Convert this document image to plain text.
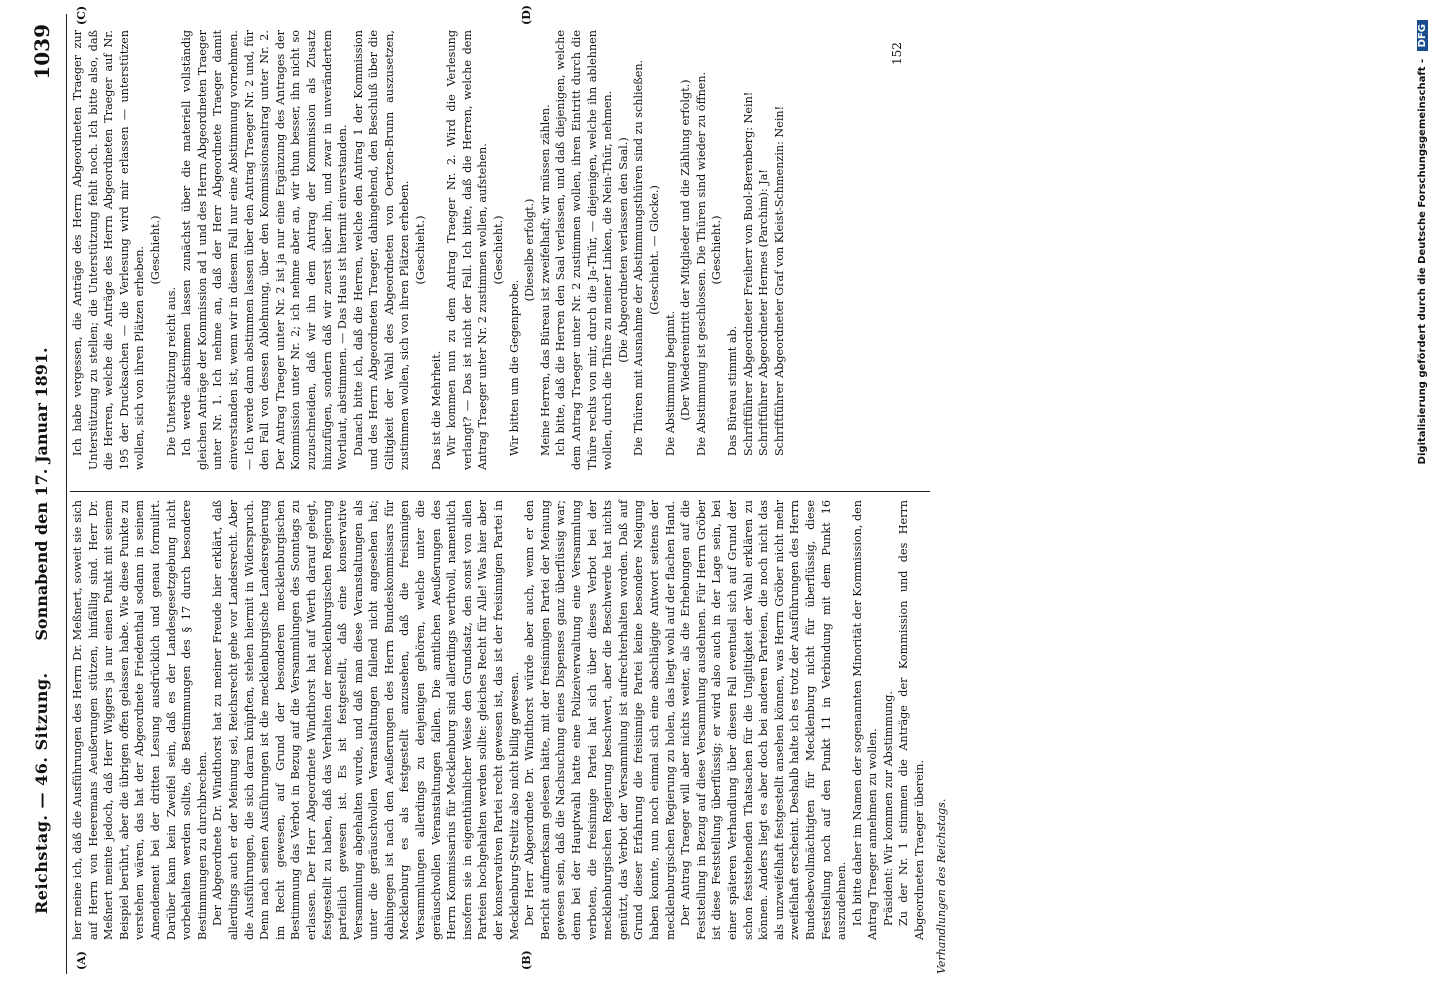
Reichstag. — 46. Sitzung.
Sonnabend den 17. Januar 1891.
1039
(A)	(B)
(C)	(D)

her meine ich, daß die Ausführungen des Herrn Dr. Meßnert, soweit sie sich auf Herrn von Heeremans Aeußerungen stützen, hinfällig sind. Herr Dr. Meßnert meinte jedoch, daß Herr Wiggers ja nur einen Punkt mit seinem Beispiel berührt, aber die übrigen offen gelassen habe. Wie diese Punkte zu verstehen wären, das hat der Abgeordnete Friedenthal sodann in seinem Amendement bei der dritten Lesung ausdrücklich und genau formulirt. Darüber kann kein Zweifel sein, daß es der Landesgesetzgebung nicht vorbehalten werden sollte, die Bestimmungen des § 17 durch besondere Bestimmungen zu durchbrechen. Der Abgeordnete Dr. Windthorst hat zu meiner Freude hier erklärt, daß allerdings auch er der Meinung sei, Reichsrecht gehe vor Landesrecht. Aber die Ausführungen, die sich daran knüpften, stehen hiermit in Widerspruch. Denn nach seinen Ausführungen ist die mecklenburgische Landesregierung im Recht gewesen, auf Grund der besonderen mecklenburgischen Bestimmung das Verbot in Bezug auf die Versammlungen des Sonntags zu erlassen. Der Herr Abgeordnete Windthorst hat auf Werth darauf gelegt, festgestellt zu haben, daß das Verhalten der mecklenburgischen Regierung parteilich gewesen ist. Es ist festgestellt, daß eine konservative Versammlung abgehalten wurde, und daß man diese Veranstaltungen als unter die geräuschvollen Veranstaltungen fallend nicht angesehen hat; dahingegen ist nach den Aeußerungen des Herrn Bundeskommissars für Mecklenburg es als festgestellt anzusehen, daß die freisinnigen Versammlungen allerdings zu denjenigen gehören, welche unter die geräuschvollen Veranstaltungen fallen. Die amtlichen Aeußerungen des Herrn Kommissarius für Mecklenburg sind allerdings werthvoll, namentlich insofern sie in eigenthümlicher Weise den Grundsatz, den sonst von allen Parteien hochgehalten werden sollte: gleiches Recht für Alle! Was hier aber der konservativen Partei recht gewesen ist, das ist der freisinnigen Partei in Mecklenburg-Strelitz also nicht billig gewesen. Der Herr Abgeordnete Dr. Windthorst würde aber auch, wenn er den Bericht aufmerksam gelesen hätte, mit der freisinnigen Partei der Meinung gewesen sein, daß die Nachsuchung eines Dispenses ganz überflüssig war; denn bei der Hauptwahl hatte eine Polizeiverwaltung eine Versammlung verboten, die freisinnige Partei hat sich über dieses Verbot bei der mecklenburgischen Regierung beschwert, aber die Beschwerde hat nichts genützt, das Verbot der Versammlung ist aufrechterhalten worden. Daß auf Grund dieser Erfahrung die freisinnige Partei keine besondere Neigung haben konnte, nun noch einmal sich eine abschlägige Antwort seitens der mecklenburgischen Regierung zu holen, das liegt wohl auf der flachen Hand. Der Antrag Traeger will aber nichts weiter, als die Erhebungen auf die Feststellung in Bezug auf diese Versammlung ausdehnen. Für Herrn Gröber ist diese Feststellung überflüssig; er wird also auch in der Lage sein, bei einer späteren Verhandlung über diesen Fall eventuell sich auf Grund der schon feststehenden Thatsachen für die Ungiltigkeit der Wahl erklären zu können. Anders liegt es aber doch bei anderen Parteien, die noch nicht das als unzweifelhaft festgestellt ansehen können, was Herrn Gröber nicht mehr zweifelhaft erscheint. Deshalb halte ich es trotz der Ausführungen des Herrn Bundesbevollmächtigten für Mecklenburg nicht für überflüssig, diese Feststellung noch auf den Punkt 11 in Verbindung mit dem Punkt 16 auszudehnen. Ich bitte daher im Namen der sogenannten Minorität der Kommission, den Antrag Traeger annehmen zu wollen. Präsident: Wir kommen zur Abstimmung. Zu der Nr. 1 stimmen die Anträge der Kommission und des Herrn Abgeordneten Traeger überein.

Ich habe vergessen, die Anträge des Herrn Abgeordneten Traeger zur Unterstützung zu stellen; die Unterstützung fehlt noch. Ich bitte also, daß die Herren, welche die Anträge des Herrn Abgeordneten Traeger auf Nr. 195 der Drucksachen — die Verlesung wird mir erlassen — unterstützen wollen, sich von ihren Plätzen erheben. (Geschieht.)

Die Unterstützung reicht aus. Ich werde abstimmen lassen zunächst über die materiell vollständig gleichen Anträge der Kommission ad 1 und des Herrn Abgeordneten Traeger unter Nr. 1. Ich nehme an, daß der Herr Abgeordnete Traeger damit einverstanden ist, wenn wir in diesem Fall nur eine Abstimmung vornehmen. — Ich werde dann abstimmen lassen über den Antrag Traeger Nr. 2 und, für den Fall von dessen Ablehnung, über den Kommissionsantrag unter Nr. 2. Der Antrag Traeger unter Nr. 2 ist ja nur eine Ergänzung des Antrages der Kommission unter Nr. 2; ich nehme aber an, wir thun besser, ihn nicht so zuzuschneiden, daß wir ihn dem Antrag der Kommission als Zusatz hinzufügen, sondern daß wir zuerst über ihn, und zwar in unverändertem Wortlaut, abstimmen. — Das Haus ist hiermit einverstanden. Danach bitte ich, daß die Herren, welche den Antrag 1 der Kommission und des Herrn Abgeordneten Traeger, dahingehend, den Beschluß über die Giltigkeit der Wahl des Abgeordneten von Oertzen-Brunn auszusetzen, zustimmen wollen, sich von ihren Plätzen erheben. (Geschieht.)

Das ist die Mehrheit. Wir kommen nun zu dem Antrag Traeger Nr. 2. Wird die Verlesung verlangt? — Das ist nicht der Fall. Ich bitte, daß die Herren, welche dem Antrag Traeger unter Nr. 2 zustimmen wollen, aufstehen. (Geschieht.)

Wir bitten um die Gegenprobe.

(Dieselbe erfolgt.) Meine Herren, das Büreau ist zweifelhaft; wir müssen zählen. Ich bitte, daß die Herren den Saal verlassen, und daß diejenigen, welche dem Antrag Traeger unter Nr. 2 zustimmen wollen, ihren Eintritt durch die Thüre rechts von mir, durch die Ja-Thür, — diejenigen, welche ihn ablehnen wollen, durch die Thüre zu meiner Linken, die Nein-Thür, nehmen. (Die Abgeordneten verlassen den Saal.) Die Thüren mit Ausnahme der Abstimmungsthüren sind zu schließen. (Geschieht. — Glocke.)

Die Abstimmung beginnt. (Der Wiedereintritt der Mitglieder und die Zählung erfolgt.) Die Abstimmung ist geschlossen. Die Thüren sind wieder zu öffnen. (Geschieht.)

Das Büreau stimmt ab. Schriftführer Abgeordneter Freiherr von Buol-Berenberg: Nein! Schriftführer Abgeordneter Hermes (Parchim): Ja! Schriftführer Abgeordneter Graf von Kleist-Schmenzin: Nein!

Verhandlungen des Reichstags.
152
Digitalisierung gefördert durch die Deutsche Forschungsgemeinschaft - DFG
